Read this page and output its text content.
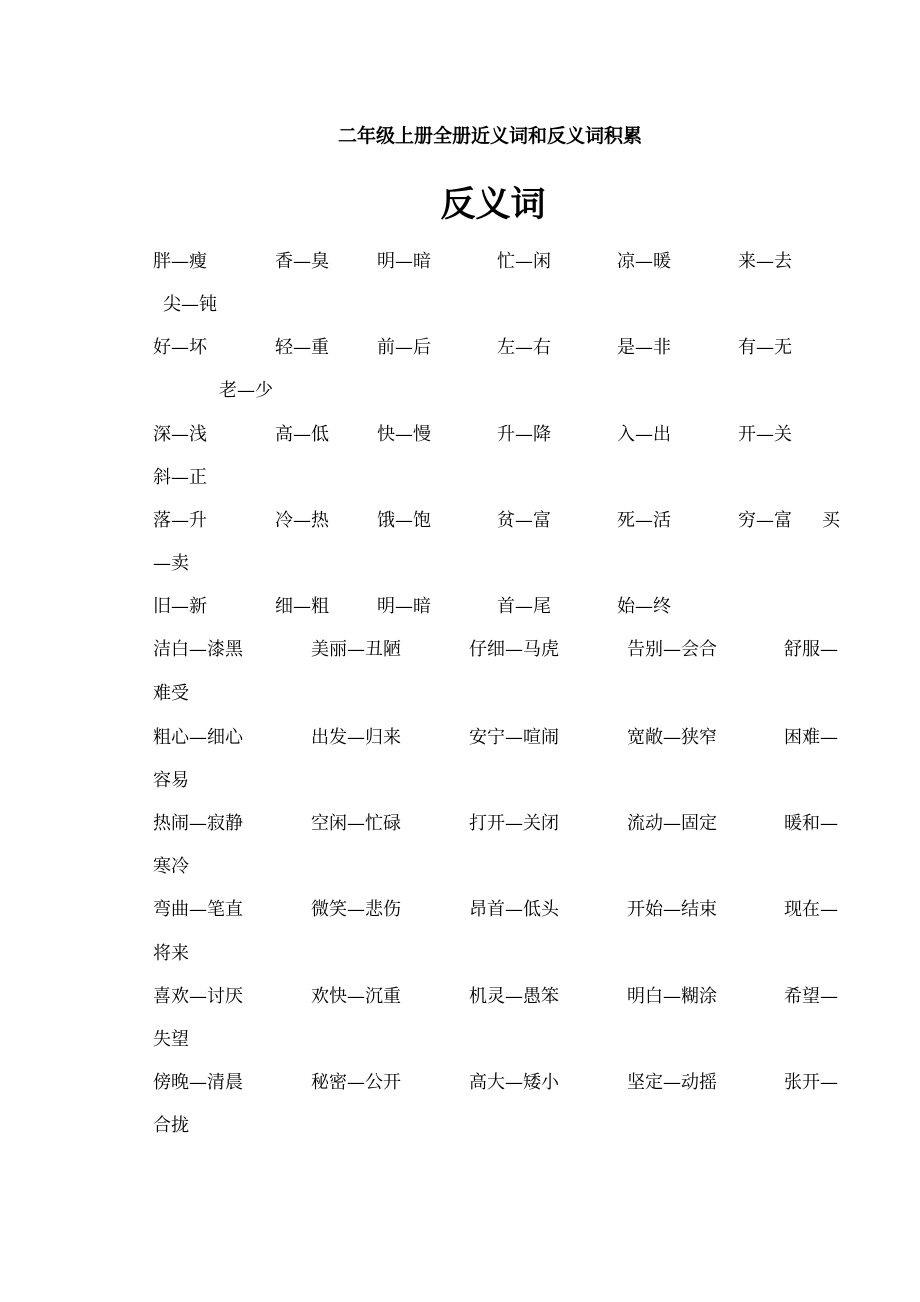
二年级上册全册近义词和反义词积累
反义词
胖—瘦	香—臭	明—暗	忙—闲	凉—暖	来—去
尖—钝
好—坏	轻—重	前—后	左—右	是—非	有—无
老—少
深—浅	高—低	快—慢	升—降	入—出	开—关
斜—正
落—升	冷—热	饿—饱	贫—富	死—活	穷—富 买
—卖
旧—新	细—粗	明—暗	首—尾	始—终
洁白—漆黑	美丽—丑陋	仔细—马虎	告别—会合	舒服—
难受
粗心—细心	出发—归来	安宁—喧闹	宽敞—狭窄	困难—
容易
热闹—寂静	空闲—忙碌	打开—关闭	流动—固定	暖和—
寒冷
弯曲—笔直	微笑—悲伤	昂首—低头	开始—结束	现在—
将来
喜欢—讨厌	欢快—沉重	机灵—愚笨	明白—糊涂	希望—
失望
傍晚—清晨	秘密—公开	高大—矮小	坚定—动摇	张开—
合拢
